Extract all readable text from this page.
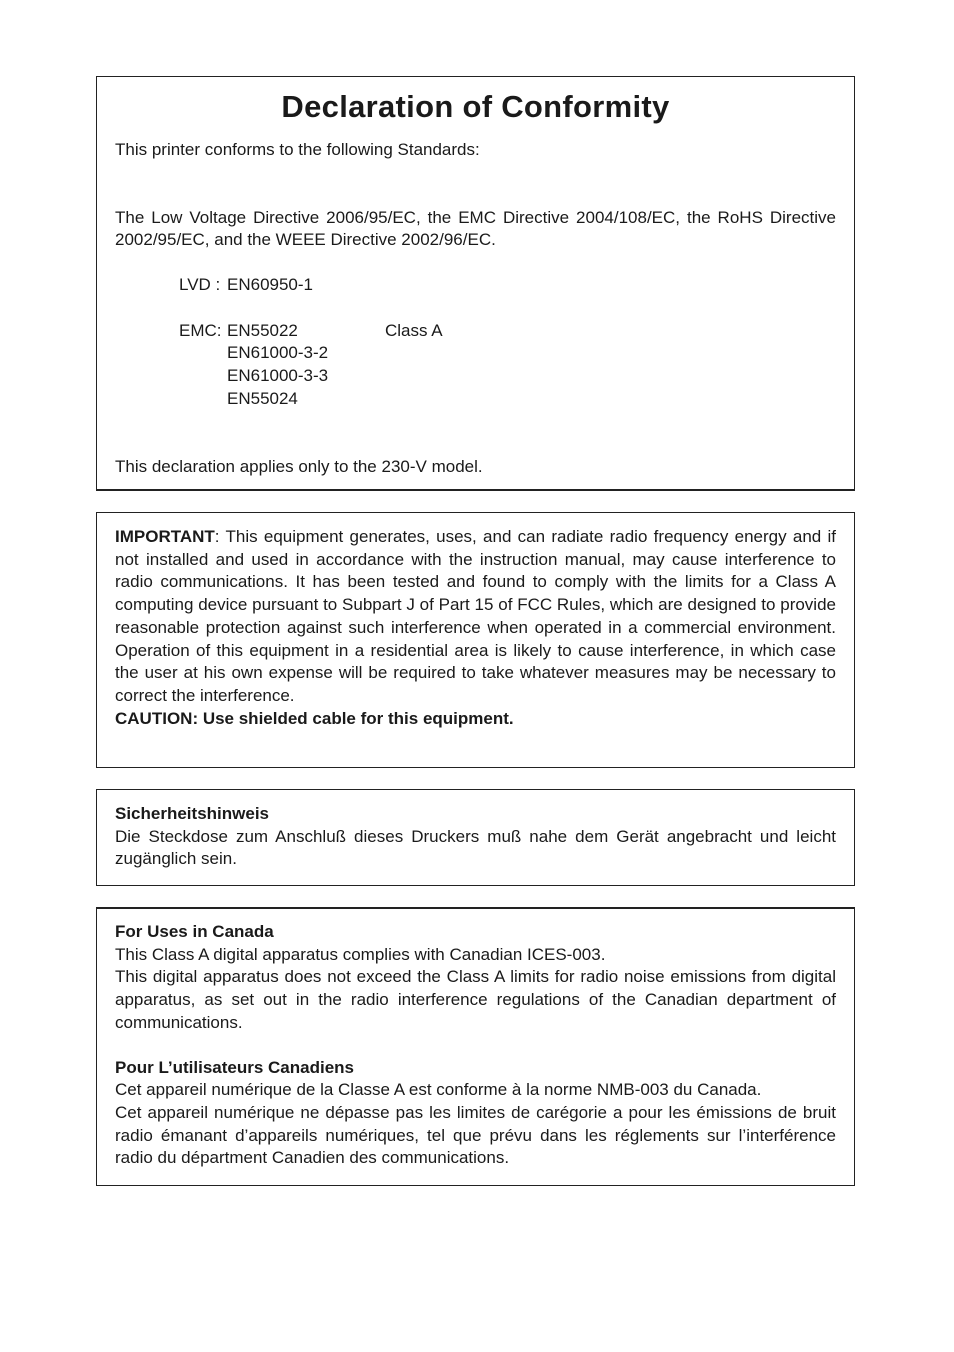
Declaration of Conformity

This printer conforms to the following Standards:

The Low Voltage Directive 2006/95/EC, the EMC Directive 2004/108/EC, the RoHS Directive 2002/95/EC, and the WEEE Directive 2002/96/EC.

LVD : EN60950-1
EMC: EN55022	Class A
EN61000-3-2
EN61000-3-3
EN55024

This declaration applies only to the 230-V model.

IMPORTANT: This equipment generates, uses, and can radiate radio frequency energy and if not installed and used in accordance with the instruction manual, may cause interference to radio communications. It has been tested and found to comply with the limits for a Class A computing device pursuant to Subpart J of Part 15 of FCC Rules, which are designed to provide reasonable protection against such interference when operated in a commercial environment. Operation of this equipment in a residential area is likely to cause interference, in which case the user at his own expense will be required to take whatever measures may be necessary to correct the interference.

CAUTION: Use shielded cable for this equipment.

Sicherheitshinweis

Die Steckdose zum Anschluß dieses Druckers muß nahe dem Gerät angebracht und leicht zugänglich sein.

For Uses in Canada

This Class A digital apparatus complies with Canadian ICES-003.

This digital apparatus does not exceed the Class A limits for radio noise emissions from digital apparatus, as set out in the radio interference regulations of the Canadian department of communications.

Pour L’utilisateurs Canadiens

Cet appareil numérique de la Classe A est conforme à la norme NMB-003 du Canada.

Cet appareil numérique ne dépasse pas les limites de carégorie a pour les émissions de bruit radio émanant d’appareils numériques, tel que prévu dans les réglements sur l’interférence radio du départment Canadien des communications.
